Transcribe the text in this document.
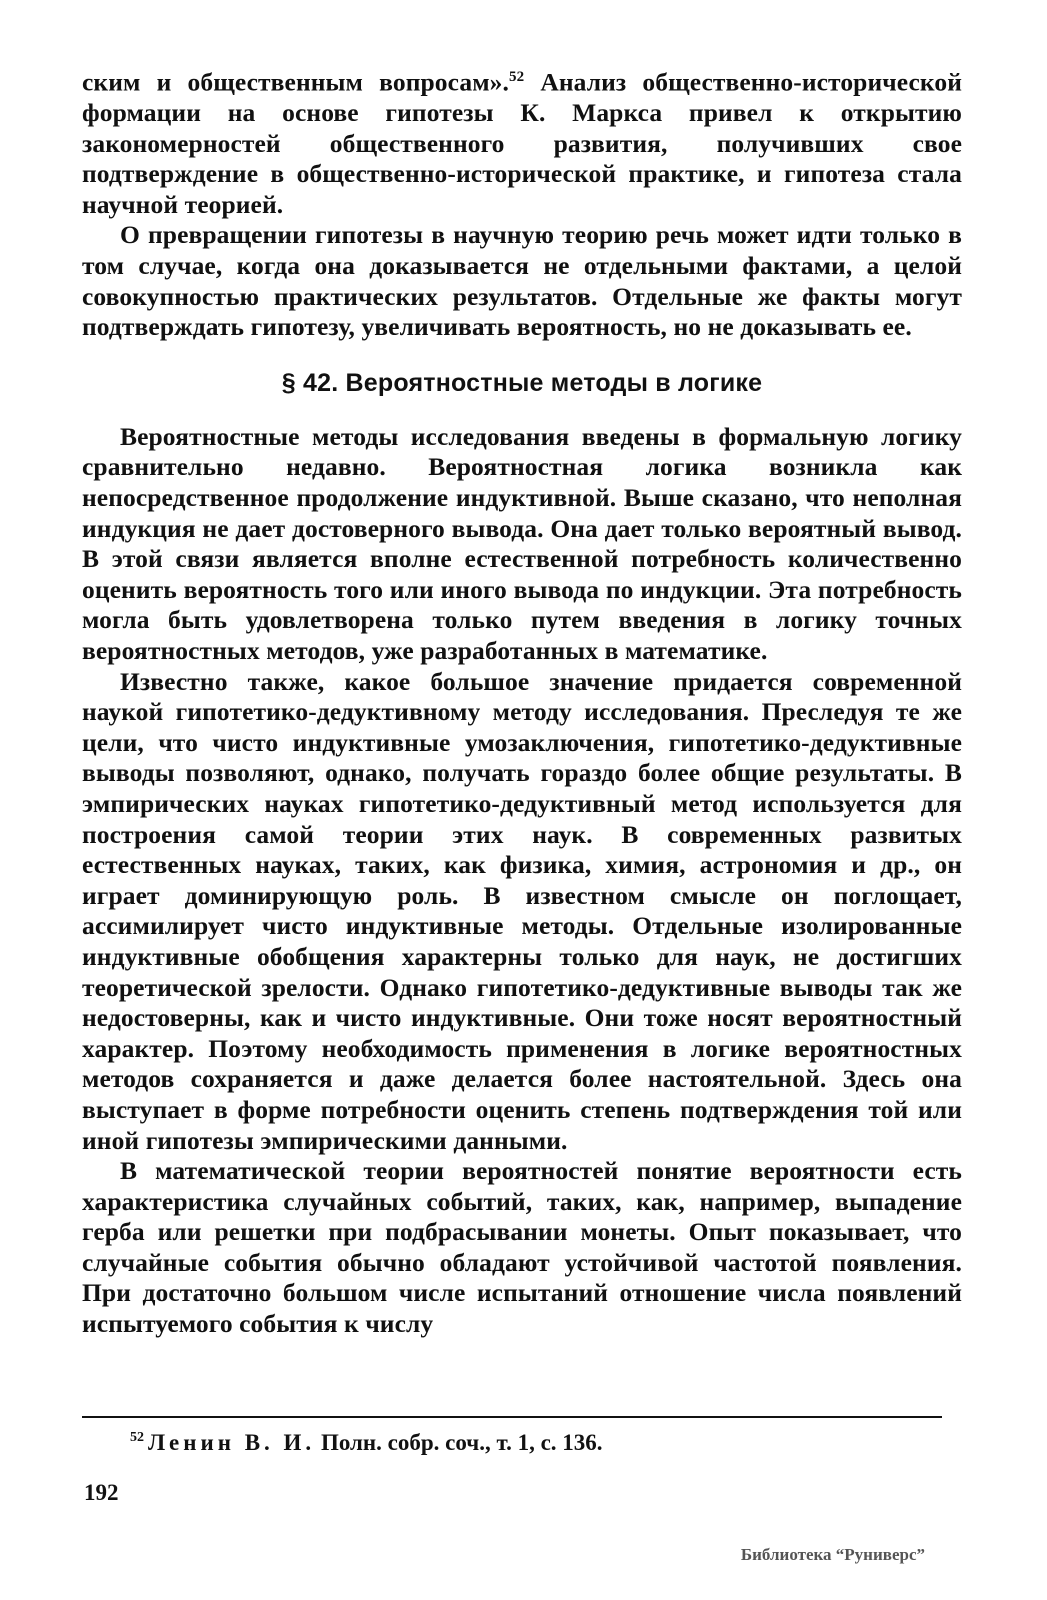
ским и общественным вопросам».$^{52}$ Анализ общественно-исторической формации на основе гипотезы К. Маркса привел к открытию закономерностей общественного развития, получивших свое подтверждение в общественно-исторической практике, и гипотеза стала научной теорией.

О превращении гипотезы в научную теорию речь может идти только в том случае, когда она доказывается не отдельными фактами, а целой совокупностью практических результатов. Отдельные же факты могут подтверждать гипотезу, увеличивать вероятность, но не доказывать ее.

§ 42. Вероятностные методы в логике

Вероятностные методы исследования введены в формальную логику сравнительно недавно. Вероятностная логика возникла как непосредственное продолжение индуктивной. Выше сказано, что неполная индукция не дает достоверного вывода. Она дает только вероятный вывод. В этой связи является вполне естественной потребность количественно оценить вероятность того или иного вывода по индукции. Эта потребность могла быть удовлетворена только путем введения в логику точных вероятностных методов, уже разработанных в математике.

Известно также, какое большое значение придается современной наукой гипотетико-дедуктивному методу исследования. Преследуя те же цели, что чисто индуктивные умозаключения, гипотетико-дедуктивные выводы позволяют, однако, получать гораздо более общие результаты. В эмпирических науках гипотетико-дедуктивный метод используется для построения самой теории этих наук. В современных развитых естественных науках, таких, как физика, химия, астрономия и др., он играет доминирующую роль. В известном смысле он поглощает, ассимилирует чисто индуктивные методы. Отдельные изолированные индуктивные обобщения характерны только для наук, не достигших теоретической зрелости. Однако гипотетико-дедуктивные выводы так же недостоверны, как и чисто индуктивные. Они тоже носят вероятностный характер. Поэтому необходимость применения в логике вероятностных методов сохраняется и даже делается более настоятельной. Здесь она выступает в форме потребности оценить степень подтверждения той или иной гипотезы эмпирическими данными.

В математической теории вероятностей понятие вероятности есть характеристика случайных событий, таких, как, например, выпадение герба или решетки при подбрасывании монеты. Опыт показывает, что случайные события обычно обладают устойчивой частотой появления. При достаточно большом числе испытаний отношение числа появлений испытуемого события к числу

$^{52}$ Ленин В. И. Полн. собр. соч., т. 1, с. 136.
192
Библиотека “Руниверс”
